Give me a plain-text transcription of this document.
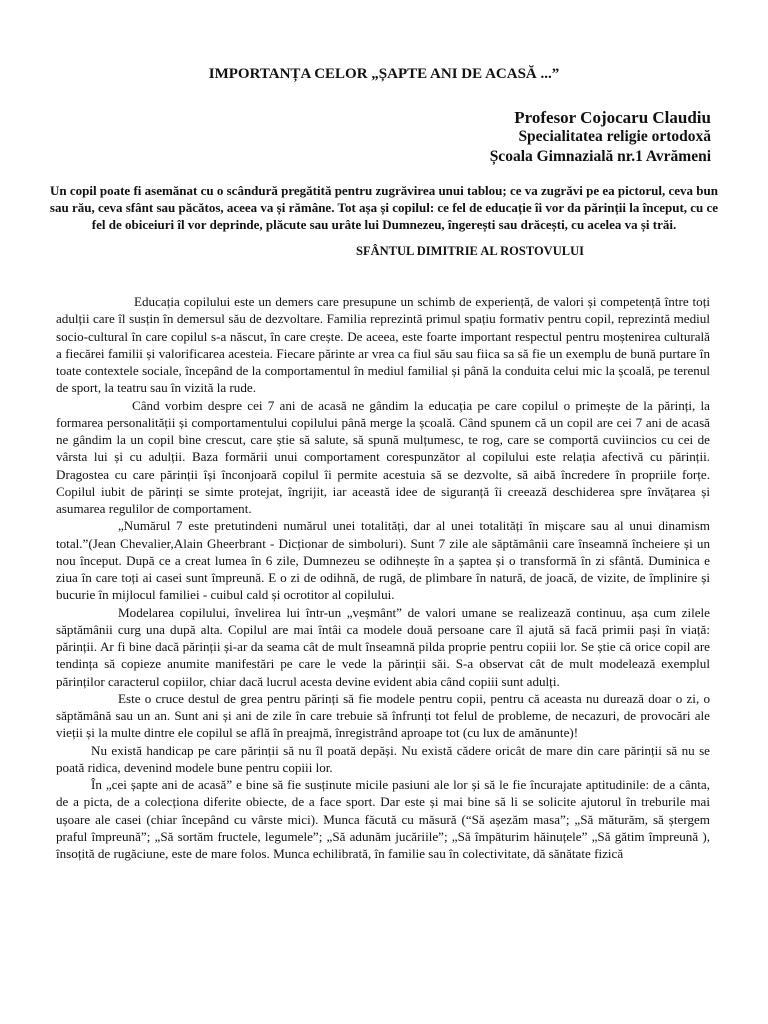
IMPORTANȚA CELOR „ȘAPTE ANI DE ACASĂ ...”

Profesor Cojocaru Claudiu

Specialitatea religie ortodoxă

Școala Gimnazială nr.1 Avrămeni

Un copil poate fi asemănat cu o scândură pregătită pentru zugrăvirea unui tablou; ce va zugrăvi pe ea pictorul, ceva bun sau rău, ceva sfânt sau păcătos, aceea va și rămâne. Tot așa și copilul: ce fel de educație îi vor da părinții la început, cu ce fel de obiceiuri îl vor deprinde, plăcute sau urâte lui Dumnezeu, îngerești sau drăcești, cu acelea va și trăi.

SFÂNTUL DIMITRIE AL ROSTOVULUI

Educația copilului este un demers care presupune un schimb de experiență, de valori și competență între toți adulții care îl susțin în demersul său de dezvoltare. Familia reprezintă primul spațiu formativ pentru copil, reprezintă mediul socio-cultural în care copilul s-a născut, în care crește. De aceea, este foarte important respectul pentru moștenirea culturală a fiecărei familii și valorificarea acesteia. Fiecare părinte ar vrea ca fiul său sau fiica sa să fie un exemplu de bună purtare în toate contextele sociale, începând de la comportamentul în mediul familial și până la conduita celui mic la școală, pe terenul de sport, la teatru sau în vizită la rude.

Când vorbim despre cei 7 ani de acasă ne gândim la educația pe care copilul o primește de la părinți, la formarea personalității și comportamentului copilului până merge la școală. Când spunem că un copil are cei 7 ani de acasă ne gândim la un copil bine crescut, care știe să salute, să spună mulțumesc, te rog, care se comportă cuviincios cu cei de vârsta lui și cu adulții. Baza formării unui comportament corespunzător al copilului este relația afectivă cu părinții. Dragostea cu care părinții își înconjoară copilul îi permite acestuia să se dezvolte, să aibă încredere în propriile forțe. Copilul iubit de părinți se simte protejat, îngrijit, iar această idee de siguranță îi creează deschiderea spre învățarea și asumarea regulilor de comportament.

„Numărul 7 este pretutindeni numărul unei totalități, dar al unei totalități în mișcare sau al unui dinamism total.”(Jean Chevalier,Alain Gheerbrant - Dicționar de simboluri). Sunt 7 zile ale săptămânii care înseamnă încheiere și un nou început. După ce a creat lumea în 6 zile, Dumnezeu se odihnește în a șaptea și o transformă în zi sfântă. Duminica e ziua în care toți ai casei sunt împreună. E o zi de odihnă, de rugă, de plimbare în natură, de joacă, de vizite, de împlinire și bucurie în mijlocul familiei - cuibul cald și ocrotitor al copilului.

Modelarea copilului, învelirea lui într-un „veșmânt” de valori umane se realizează continuu, așa cum zilele săptămânii curg una după alta. Copilul are mai întâi ca modele două persoane care îl ajută să facă primii pași în viață: părinții. Ar fi bine dacă părinții și-ar da seama cât de mult înseamnă pilda proprie pentru copiii lor. Se știe că orice copil are tendința să copieze anumite manifestări pe care le vede la părinții săi. S-a observat cât de mult modelează exemplul părinților caracterul copiilor, chiar dacă lucrul acesta devine evident abia când copiii sunt adulți.

Este o cruce destul de grea pentru părinți să fie modele pentru copii, pentru că aceasta nu durează doar o zi, o săptămână sau un an. Sunt ani și ani de zile în care trebuie să înfrunți tot felul de probleme, de necazuri, de provocări ale vieții și la multe dintre ele copilul se află în preajmă, înregistrând aproape tot (cu lux de amănunte)!

Nu există handicap pe care părinții să nu îl poată depăși. Nu există cădere oricât de mare din care părinții să nu se poată ridica, devenind modele bune pentru copiii lor.

În „cei șapte ani de acasă” e bine să fie susținute micile pasiuni ale lor și să le fie încurajate aptitudinile: de a cânta, de a picta, de a colecționa diferite obiecte, de a face sport. Dar este și mai bine să li se solicite ajutorul în treburile mai ușoare ale casei (chiar începând cu vârste mici). Munca făcută cu măsură (“Să așezăm masa”; „Să măturăm, să ștergem praful împreună”; „Să sortăm fructele, legumele”; „Să adunăm jucăriile”; „Să împăturim hăinuțele” „Să gătim împreună ), însoțită de rugăciune, este de mare folos. Munca echilibrată, în familie sau în colectivitate, dă sănătate fizică
